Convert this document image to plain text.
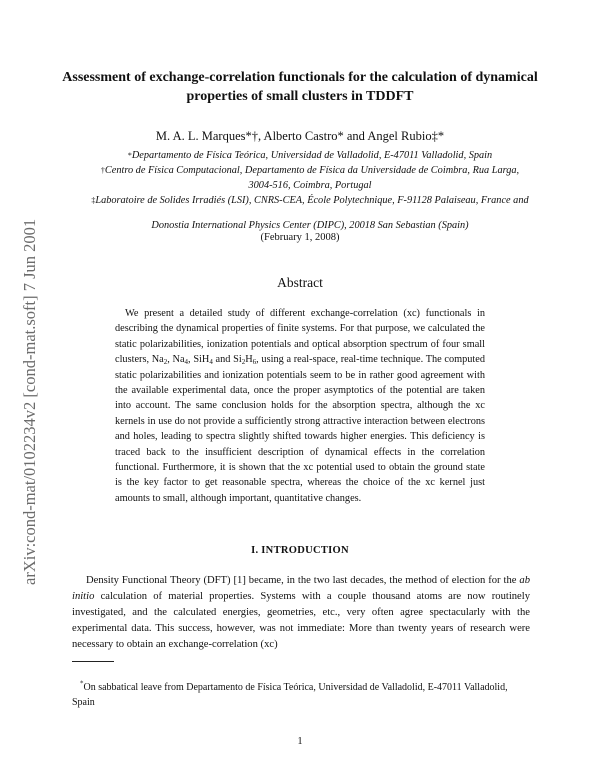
arXiv:cond-mat/0102234v2 [cond-mat.soft] 7 Jun 2001
Assessment of exchange-correlation functionals for the calculation of dynamical properties of small clusters in TDDFT
M. A. L. Marques*†, Alberto Castro* and Angel Rubio‡*
*Departamento de Física Teórica, Universidad de Valladolid, E-47011 Valladolid, Spain
†Centro de Física Computacional, Departamento de Física da Universidade de Coimbra, Rua Larga, 3004-516, Coimbra, Portugal
‡Laboratoire de Solides Irradiés (LSI), CNRS-CEA, École Polytechnique, F-91128 Palaiseau, France and
Donostia International Physics Center (DIPC), 20018 San Sebastian (Spain)
(February 1, 2008)
Abstract

We present a detailed study of different exchange-correlation (xc) functionals in describing the dynamical properties of finite systems. For that purpose, we calculated the static polarizabilities, ionization potentials and optical absorption spectrum of four small clusters, $Na_2$, $Na_4$, SiH$_4$ and $Si_2H_6$, using a real-space, real-time technique. The computed static polarizabilities and ionization potentials seem to be in rather good agreement with the available experimental data, once the proper asymptotics of the potential are taken into account. The same conclusion holds for the absorption spectra, although the xc kernels in use do not provide a sufficiently strong attractive interaction between electrons and holes, leading to spectra slightly shifted towards higher energies. This deficiency is traced back to the insufficient description of dynamical effects in the correlation functional. Furthermore, it is shown that the xc potential used to obtain the ground state is the key factor to get reasonable spectra, whereas the choice of the xc kernel just amounts to small, although important, quantitative changes.

I. INTRODUCTION

Density Functional Theory (DFT) [1] became, in the two last decades, the method of election for the ab initio calculation of material properties. Systems with a couple thousand atoms are now routinely investigated, and the calculated energies, geometries, etc., very often agree spectacularly with the experimental data. This success, however, was not immediate: More than twenty years of research were necessary to obtain an exchange-correlation (xc)

*On sabbatical leave from Departamento de Física Teórica, Universidad de Valladolid, E-47011 Valladolid, Spain

1
